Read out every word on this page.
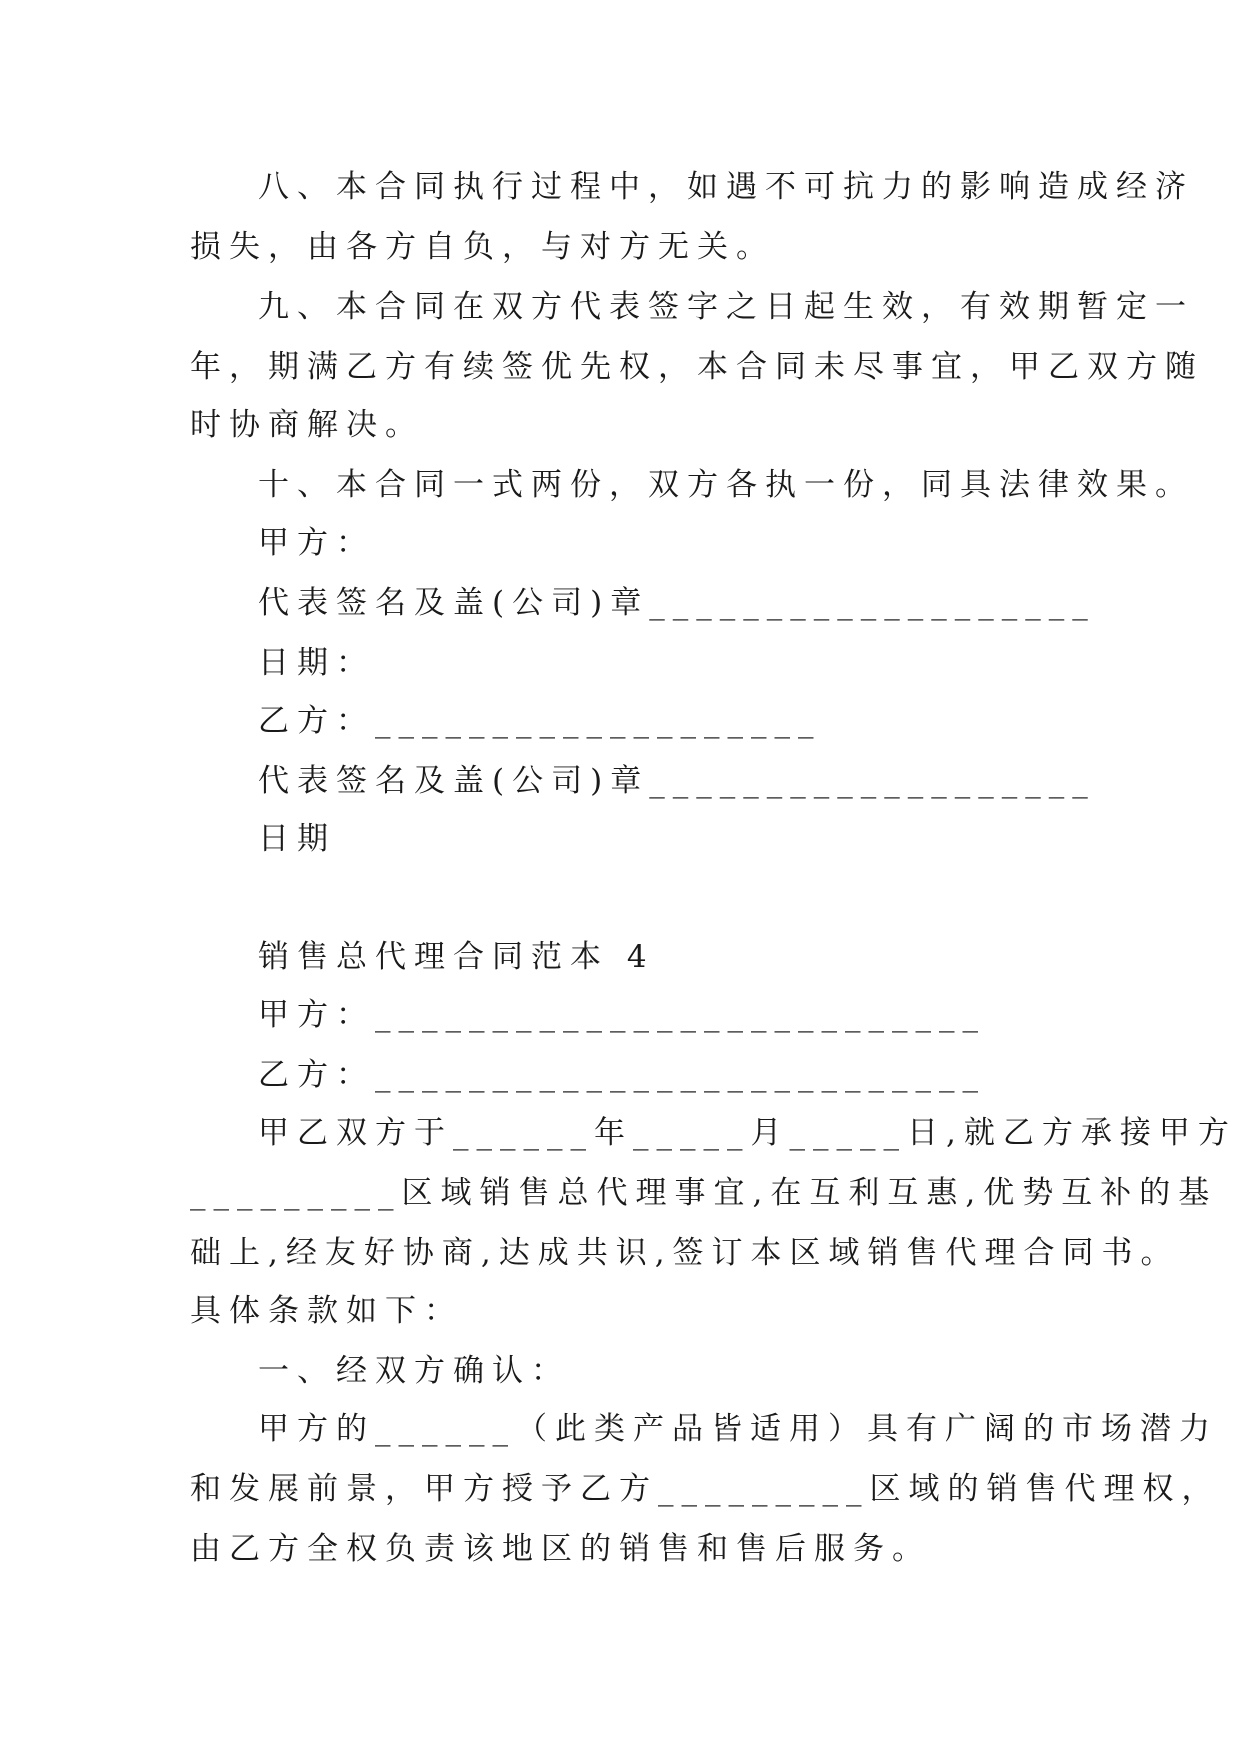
八、本合同执行过程中，如遇不可抗力的影响造成经济
损失，由各方自负，与对方无关。
九、本合同在双方代表签字之日起生效，有效期暂定一
年，期满乙方有续签优先权，本合同未尽事宜，甲乙双方随
时协商解决。
十、本合同一式两份，双方各执一份，同具法律效果。
甲方：
代表签名及盖(公司)章___________________
日期：
乙方：___________________
代表签名及盖(公司)章___________________
日期
销售总代理合同范本 4
甲方：__________________________
乙方：__________________________
甲乙双方于______年_____月_____日,就乙方承接甲方
_________区域销售总代理事宜,在互利互惠,优势互补的基
础上,经友好协商,达成共识,签订本区域销售代理合同书。
具体条款如下：
一、经双方确认：
甲方的______（此类产品皆适用）具有广阔的市场潜力
和发展前景，甲方授予乙方_________区域的销售代理权，
由乙方全权负责该地区的销售和售后服务。
